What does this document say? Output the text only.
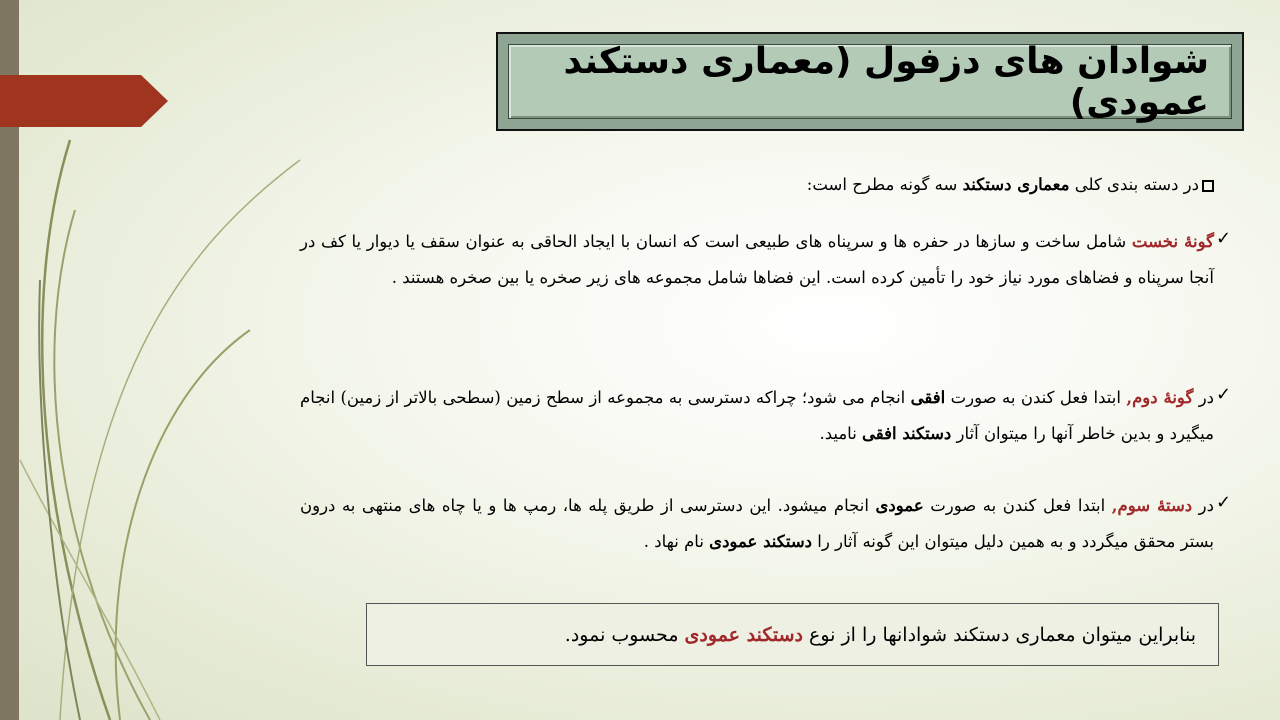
شوادان های دزفول (معماری دستکند عمودی)
در دسته بندی کلی معماری دستکند سه گونه مطرح است:
✓
گونۀ نخست شامل ساخت و سازها در حفره ها و سرپناه های طبیعی است که انسان با ایجاد الحاقی به عنوان سقف یا دیوار یا کف در آنجا سرپناه و فضاهای مورد نیاز خود را تأمین کرده است. این فضاها شامل مجموعه های زیر صخره یا بین صخره هستند .
✓
در گونۀ دوم, ابتدا فعل کندن به صورت افقی انجام می شود؛ چراکه دسترسی به مجموعه از سطح زمین (سطحی بالاتر از زمین) انجام میگیرد و بدین خاطر آنها را میتوان آثار دستکند افقی نامید.
✓
در دستۀ سوم, ابتدا فعل کندن به صورت عمودی انجام میشود. این دسترسی از طریق پله ها، رمپ ها و یا چاه های منتهی به درون بستر محقق میگردد و به همین دلیل میتوان این گونه آثار را دستکند عمودی نام نهاد .
بنابراین میتوان معماری دستکند شوادانها را از نوع دستکند عمودی محسوب نمود.
